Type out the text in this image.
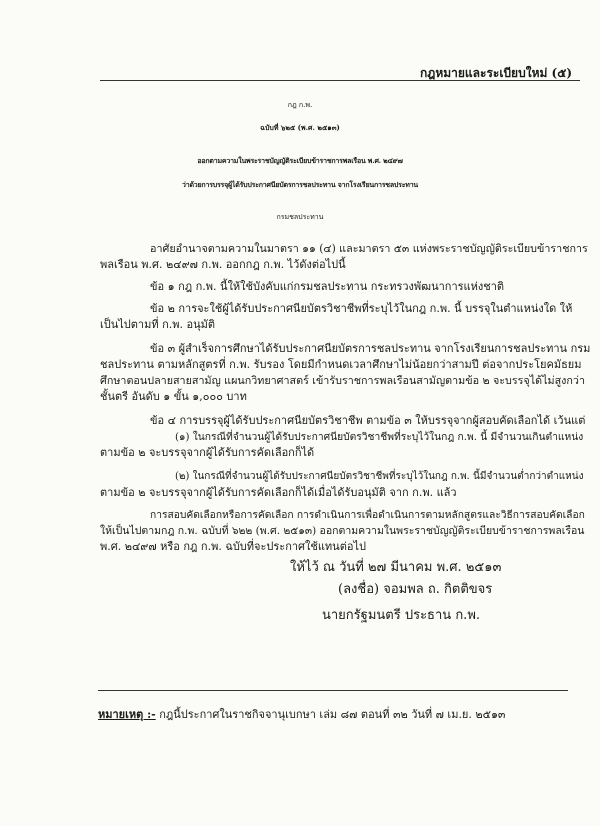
กฎหมายและระเบียบใหม่ (๕)
กฎ ก.พ.
ฉบับที่ ๖๒๕ (พ.ศ. ๒๕๑๓)
ออกตามความในพระราชบัญญัติระเบียบข้าราชการพลเรือน พ.ศ. ๒๔๙๗
ว่าด้วยการบรรจุผู้ได้รับประกาศนียบัตรการชลประทาน จากโรงเรียนการชลประทาน
กรมชลประทาน
อาศัยอำนาจตามความในมาตรา ๑๑ (๔) และมาตรา ๕๓ แห่งพระราชบัญญัติระเบียบข้าราชการ
พลเรือน พ.ศ. ๒๔๙๗ ก.พ. ออกกฎ ก.พ. ไว้ดังต่อไปนี้
ข้อ ๑ กฎ ก.พ. นี้ให้ใช้บังคับแก่กรมชลประทาน กระทรวงพัฒนาการแห่งชาติ
ข้อ ๒ การจะใช้ผู้ได้รับประกาศนียบัตรวิชาชีพที่ระบุไว้ในกฎ ก.พ. นี้ บรรจุในตำแหน่งใด ให้
เป็นไปตามที่ ก.พ. อนุมัติ
ข้อ ๓ ผู้สำเร็จการศึกษาได้รับประกาศนียบัตรการชลประทาน จากโรงเรียนการชลประทาน กรม
ชลประทาน ตามหลักสูตรที่ ก.พ. รับรอง โดยมีกำหนดเวลาศึกษาไม่น้อยกว่าสามปี ต่อจากประโยคมัธยม
ศึกษาตอนปลายสายสามัญ แผนกวิทยาศาสตร์ เข้ารับราชการพลเรือนสามัญตามข้อ ๒ จะบรรจุได้ไม่สูงกว่า
ชั้นตรี อันดับ ๑ ขั้น ๑,๐๐๐ บาท
ข้อ ๔ การบรรจุผู้ได้รับประกาศนียบัตรวิชาชีพ ตามข้อ ๓ ให้บรรจุจากผู้สอบคัดเลือกได้ เว้นแต่
(๑) ในกรณีที่จำนวนผู้ได้รับประกาศนียบัตรวิชาชีพที่ระบุไว้ในกฎ ก.พ. นี้ มีจำนวนเกินตำแหน่ง
ตามข้อ ๒ จะบรรจุจากผู้ได้รับการคัดเลือกก็ได้
(๒) ในกรณีที่จำนวนผู้ได้รับประกาศนียบัตรวิชาชีพที่ระบุไว้ในกฎ ก.พ. นี้มีจำนวนต่ำกว่าตำแหน่ง
ตามข้อ ๒ จะบรรจุจากผู้ได้รับการคัดเลือกก็ได้เมื่อได้รับอนุมัติ จาก ก.พ. แล้ว
การสอบคัดเลือกหรือการคัดเลือก การดำเนินการเพื่อดำเนินการตามหลักสูตรและวิธีการสอบคัดเลือก
ให้เป็นไปตามกฎ ก.พ. ฉบับที่ ๖๒๒ (พ.ศ. ๒๕๑๓) ออกตามความในพระราชบัญญัติระเบียบข้าราชการพลเรือน
พ.ศ. ๒๔๙๗ หรือ กฎ ก.พ. ฉบับที่จะประกาศใช้แทนต่อไป
ให้ไว้ ณ วันที่ ๒๗ มีนาคม พ.ศ. ๒๕๑๓
(ลงชื่อ) จอมพล ถ. กิตติขจร
นายกรัฐมนตรี ประธาน ก.พ.
หมายเหตุ :- กฎนี้ประกาศในราชกิจจานุเบกษา เล่ม ๘๗ ตอนที่ ๓๒ วันที่ ๗ เม.ย. ๒๕๑๓
